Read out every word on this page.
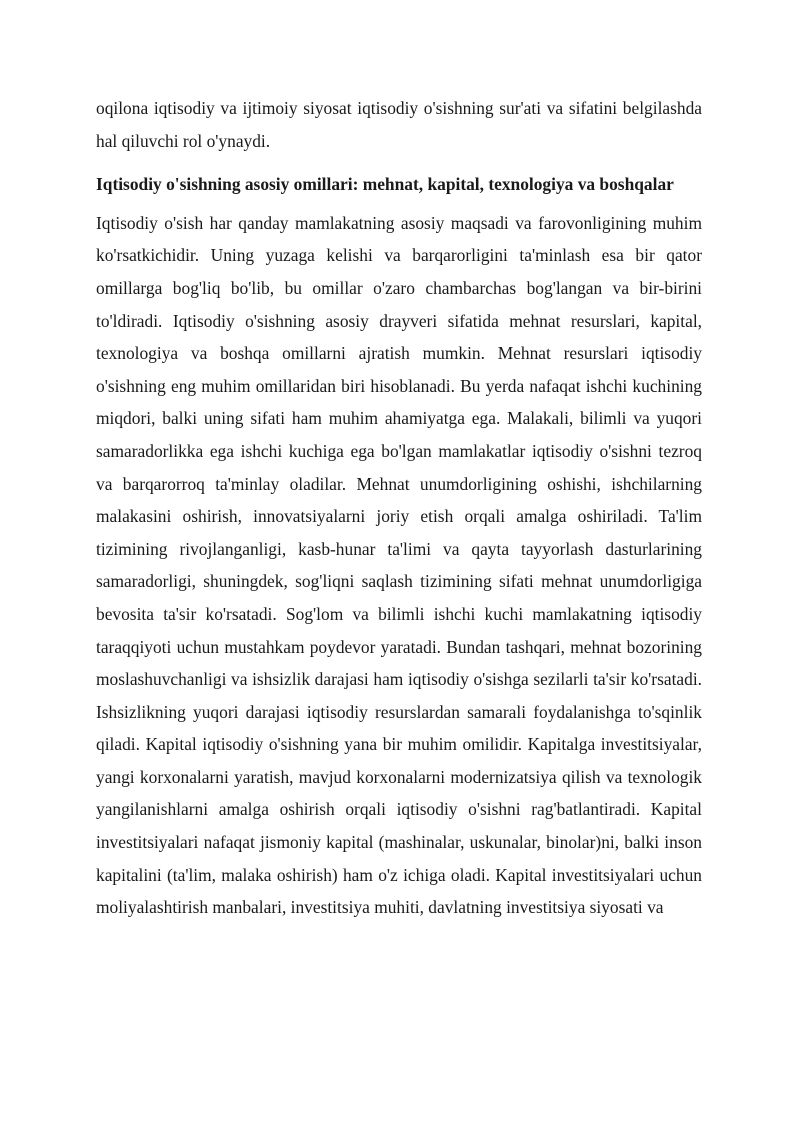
oqilona iqtisodiy va ijtimoiy siyosat iqtisodiy o'sishning sur'ati va sifatini belgilashda hal qiluvchi rol o'ynaydi.

Iqtisodiy o'sishning asosiy omillari: mehnat, kapital, texnologiya va boshqalar

Iqtisodiy o'sish har qanday mamlakatning asosiy maqsadi va farovonligining muhim ko'rsatkichidir. Uning yuzaga kelishi va barqarorligini ta'minlash esa bir qator omillarga bog'liq bo'lib, bu omillar o'zaro chambarchas bog'langan va bir-birini to'ldiradi. Iqtisodiy o'sishning asosiy drayveri sifatida mehnat resurslari, kapital, texnologiya va boshqa omillarni ajratish mumkin. Mehnat resurslari iqtisodiy o'sishning eng muhim omillaridan biri hisoblanadi. Bu yerda nafaqat ishchi kuchining miqdori, balki uning sifati ham muhim ahamiyatga ega. Malakali, bilimli va yuqori samaradorlikka ega ishchi kuchiga ega bo'lgan mamlakatlar iqtisodiy o'sishni tezroq va barqarorroq ta'minlay oladilar. Mehnat unumdorligining oshishi, ishchilarning malakasini oshirish, innovatsiyalarni joriy etish orqali amalga oshiriladi. Ta'lim tizimining rivojlanganligi, kasb-hunar ta'limi va qayta tayyorlash dasturlarining samaradorligi, shuningdek, sog'liqni saqlash tizimining sifati mehnat unumdorligiga bevosita ta'sir ko'rsatadi. Sog'lom va bilimli ishchi kuchi mamlakatning iqtisodiy taraqqiyoti uchun mustahkam poydevor yaratadi. Bundan tashqari, mehnat bozorining moslashuvchanligi va ishsizlik darajasi ham iqtisodiy o'sishga sezilarli ta'sir ko'rsatadi. Ishsizlikning yuqori darajasi iqtisodiy resurslardan samarali foydalanishga to'sqinlik qiladi. Kapital iqtisodiy o'sishning yana bir muhim omilidir. Kapitalga investitsiyalar, yangi korxonalarni yaratish, mavjud korxonalarni modernizatsiya qilish va texnologik yangilanishlarni amalga oshirish orqali iqtisodiy o'sishni rag'batlantiradi. Kapital investitsiyalari nafaqat jismoniy kapital (mashinalar, uskunalar, binolar)ni, balki inson kapitalini (ta'lim, malaka oshirish) ham o'z ichiga oladi. Kapital investitsiyalari uchun moliyalashtirish manbalari, investitsiya muhiti, davlatning investitsiya siyosati va
